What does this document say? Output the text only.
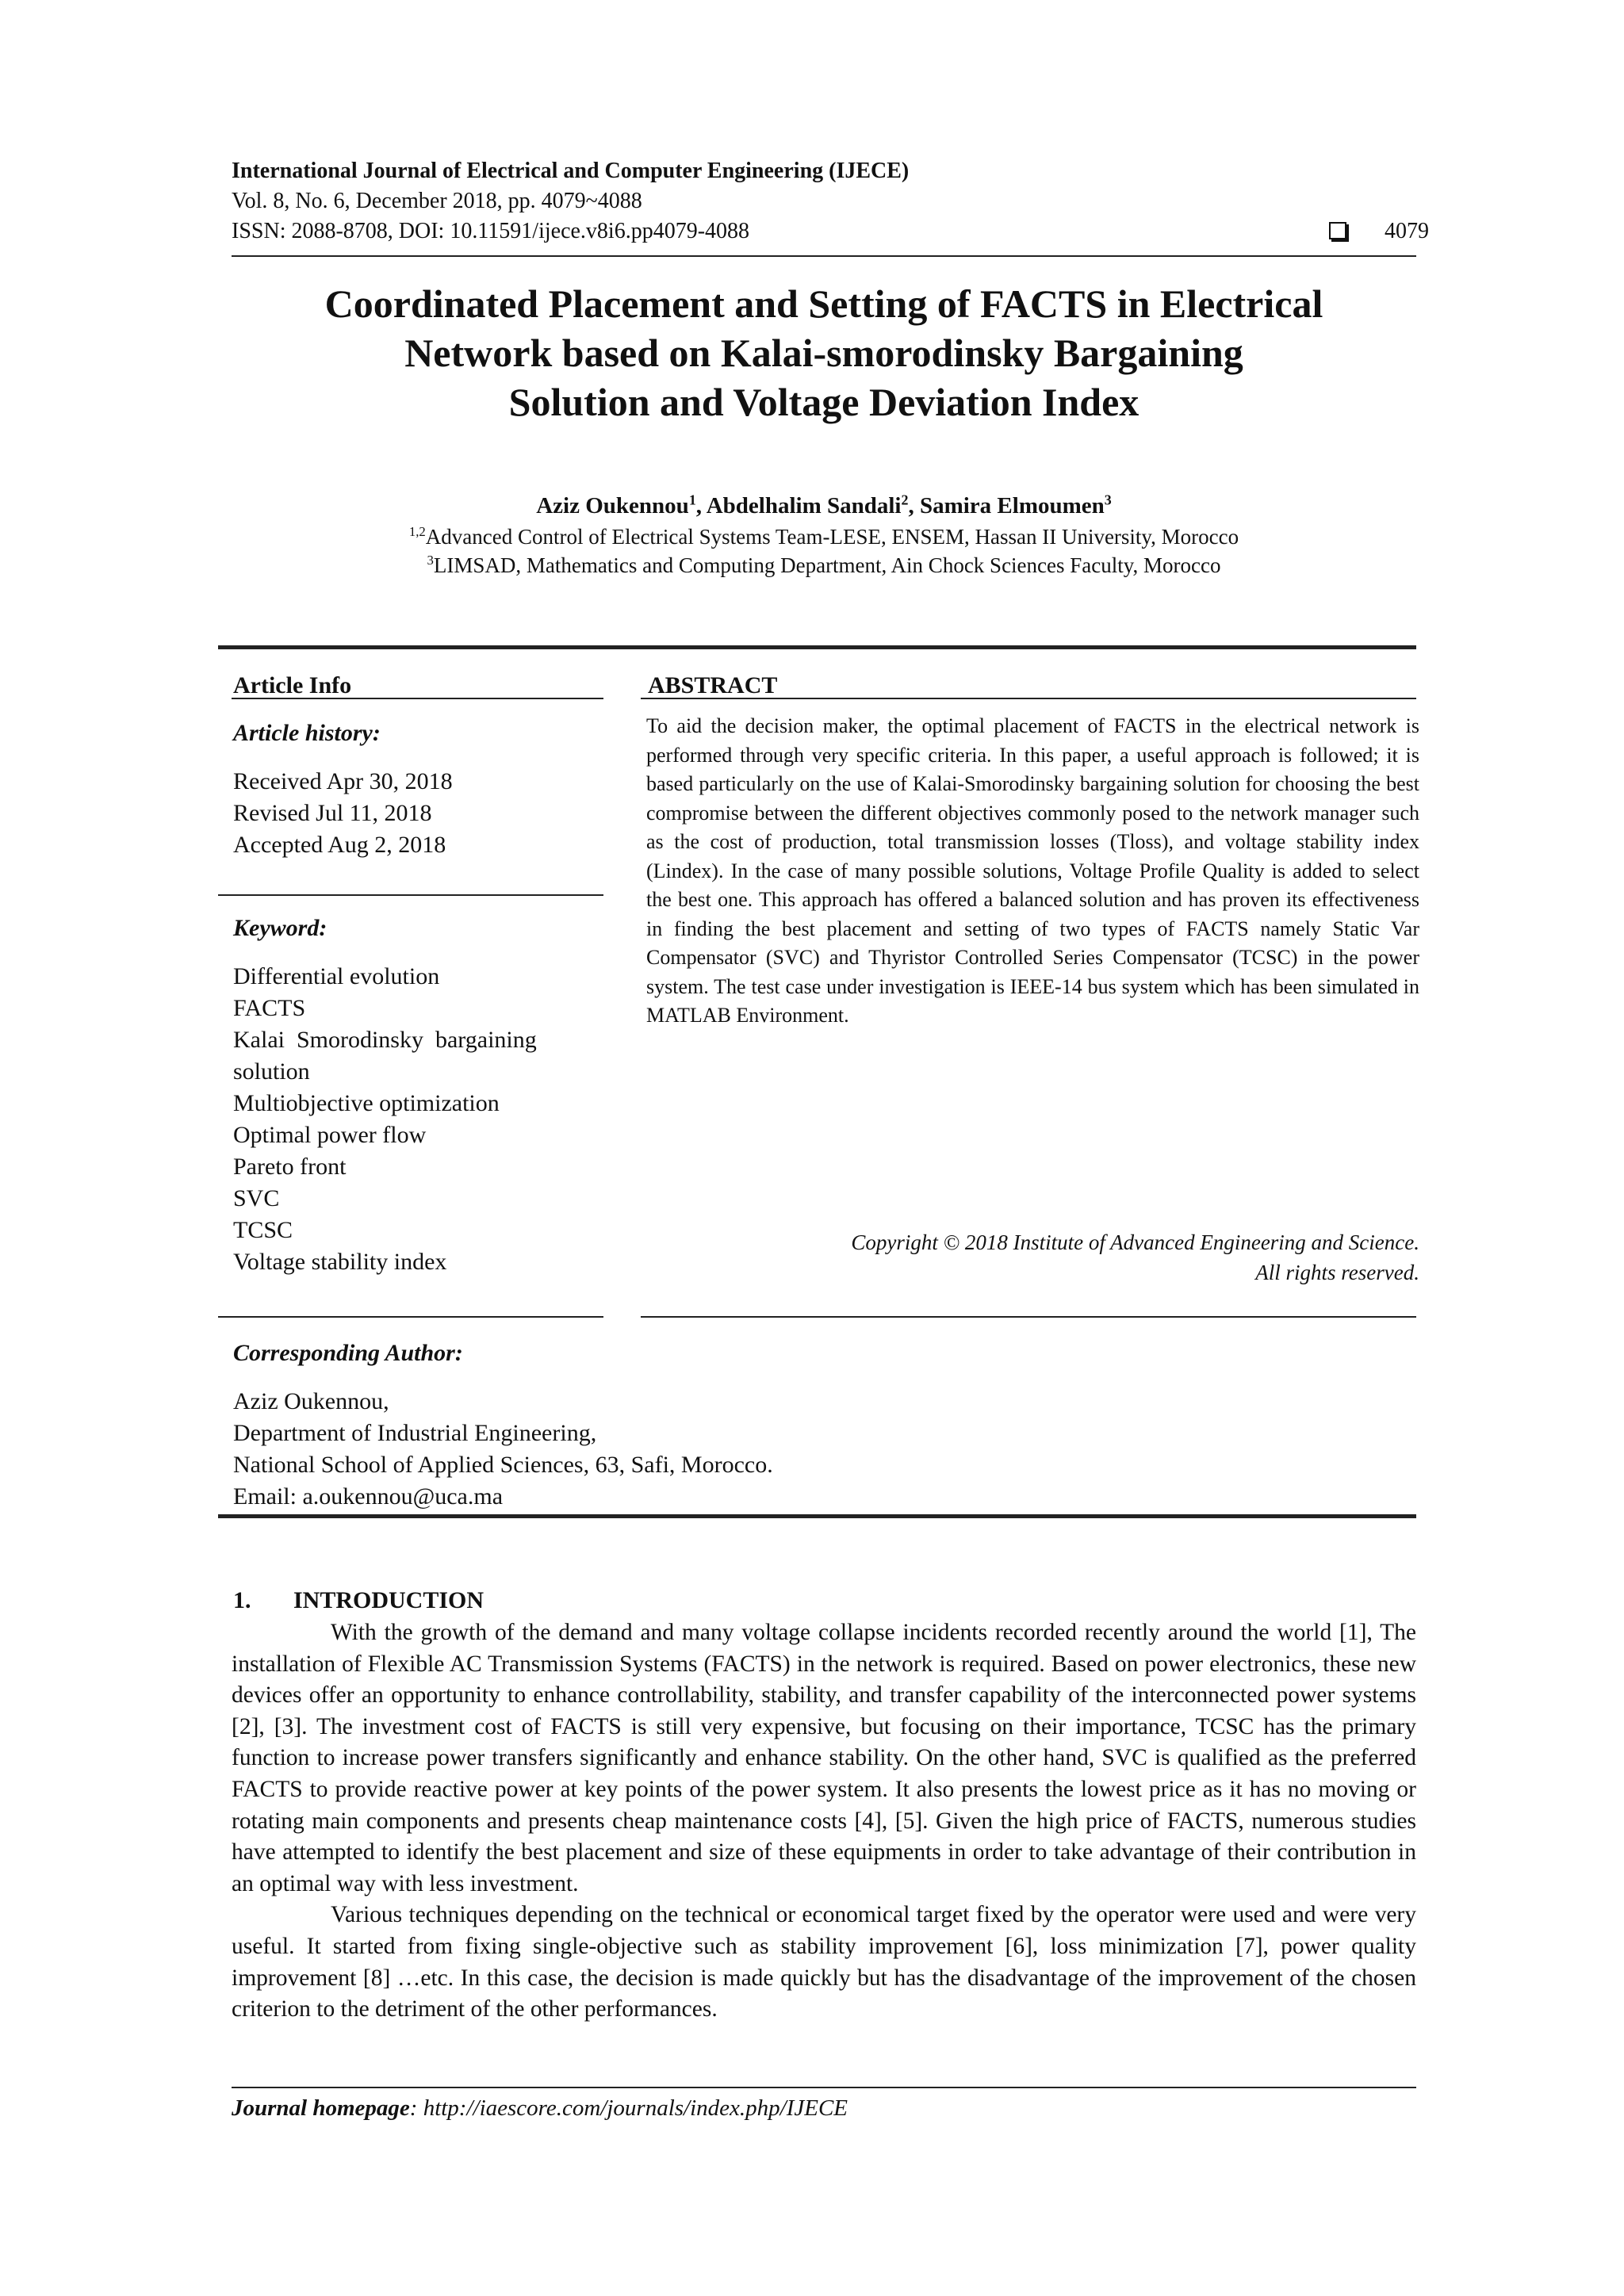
International Journal of Electrical and Computer Engineering (IJECE)
Vol. 8, No. 6, December 2018, pp. 4079~4088
ISSN: 2088-8708, DOI: 10.11591/ijece.v8i6.pp4079-4088	4079
Coordinated Placement and Setting of FACTS in Electrical
Network based on Kalai-smorodinsky Bargaining
Solution and Voltage Deviation Index
Aziz Oukennou$^1$, Abdelhalim Sandali$^2$, Samira Elmoumen$^3$
$^{1,2}$Advanced Control of Electrical Systems Team-LESE, ENSEM, Hassan II University, Morocco
$^3$LIMSAD, Mathematics and Computing Department, Ain Chock Sciences Faculty, Morocco
Article Info
Article history:
Received Apr 30, 2018
Revised Jul 11, 2018
Accepted Aug 2, 2018
Keyword:
Differential evolution
FACTS
Kalai  Smorodinsky  bargaining
solution
Multiobjective optimization
Optimal power flow
Pareto front
SVC
TCSC
Voltage stability index
ABSTRACT
To aid the decision maker, the optimal placement of FACTS in the electrical network is performed through very specific criteria. In this paper, a useful approach is followed; it is based particularly on the use of Kalai-Smorodinsky bargaining solution for choosing the best compromise between the different objectives commonly posed to the network manager such as the cost of production, total transmission losses (Tloss), and voltage stability index (Lindex). In the case of many possible solutions, Voltage Profile Quality is added to select the best one. This approach has offered a balanced solution and has proven its effectiveness in finding the best placement and setting of two types of FACTS namely Static Var Compensator (SVC) and Thyristor Controlled Series Compensator (TCSC) in the power system. The test case under investigation is IEEE-14 bus system which has been simulated in MATLAB Environment.
Copyright © 2018 Institute of Advanced Engineering and Science.
All rights reserved.
Corresponding Author:
Aziz Oukennou,
Department of Industrial Engineering,
National School of Applied Sciences, 63, Safi, Morocco.
Email: a.oukennou@uca.ma
1. INTRODUCTION

With the growth of the demand and many voltage collapse incidents recorded recently around the world [1], The installation of Flexible AC Transmission Systems (FACTS) in the network is required. Based on power electronics, these new devices offer an opportunity to enhance controllability, stability, and transfer capability of the interconnected power systems [2], [3]. The investment cost of FACTS is still very expensive, but focusing on their importance, TCSC has the primary function to increase power transfers significantly and enhance stability. On the other hand, SVC is qualified as the preferred FACTS to provide reactive power at key points of the power system. It also presents the lowest price as it has no moving or rotating main components and presents cheap maintenance costs [4], [5]. Given the high price of FACTS, numerous studies have attempted to identify the best placement and size of these equipments in order to take advantage of their contribution in an optimal way with less investment.

Various techniques depending on the technical or economical target fixed by the operator were used and were very useful. It started from fixing single-objective such as stability improvement [6], loss minimization [7], power quality improvement [8] …etc. In this case, the decision is made quickly but has the disadvantage of the improvement of the chosen criterion to the detriment of the other performances.

Journal homepage: http://iaescore.com/journals/index.php/IJECE
